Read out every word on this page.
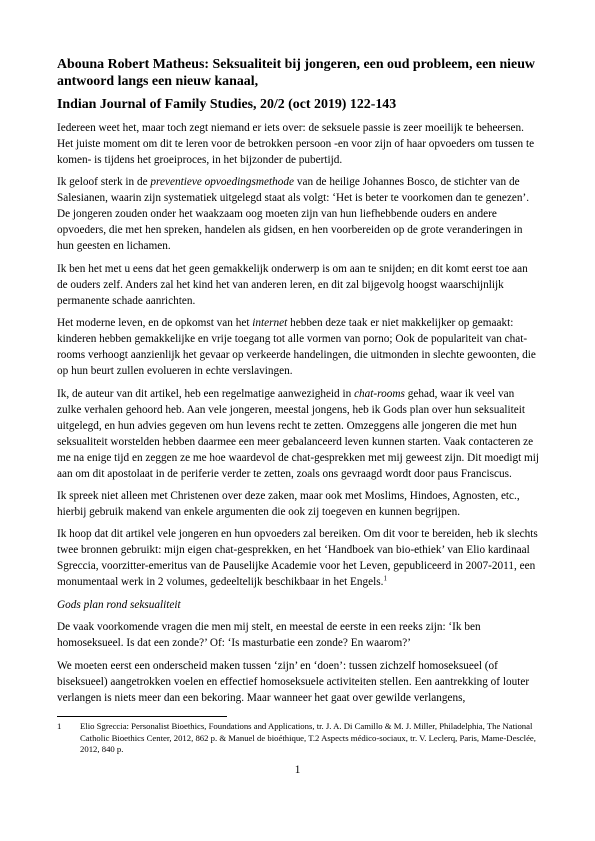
Abouna Robert Matheus: Seksualiteit bij jongeren, een oud probleem, een nieuw antwoord langs een nieuw kanaal,
Indian Journal of Family Studies, 20/2 (oct 2019) 122-143

Iedereen weet het, maar toch zegt niemand er iets over: de seksuele passie is zeer moeilijk te beheersen. Het juiste moment om dit te leren voor de betrokken persoon -en voor zijn of haar opvoeders om tussen te komen- is tijdens het groeiproces, in het bijzonder de pubertijd.

Ik geloof sterk in de preventieve opvoedingsmethode van de heilige Johannes Bosco, de stichter van de Salesianen, waarin zijn systematiek uitgelegd staat als volgt: ‘Het is beter te voorkomen dan te genezen’. De jongeren zouden onder het waakzaam oog moeten zijn van hun liefhebbende ouders en andere opvoeders, die met hen spreken, handelen als gidsen, en hen voorbereiden op de grote veranderingen in hun geesten en lichamen.

Ik ben het met u eens dat het geen gemakkelijk onderwerp is om aan te snijden; en dit komt eerst toe aan de ouders zelf. Anders zal het kind het van anderen leren, en dit zal bijgevolg hoogst waarschijnlijk permanente schade aanrichten.

Het moderne leven, en de opkomst van het internet hebben deze taak er niet makkelijker op gemaakt: kinderen hebben gemakkelijke en vrije toegang tot alle vormen van porno; Ook de populariteit van chat-rooms verhoogt aanzienlijk het gevaar op verkeerde handelingen, die uitmonden in slechte gewoonten, die op hun beurt zullen evolueren in echte verslavingen.

Ik, de auteur van dit artikel, heb een regelmatige aanwezigheid in chat-rooms gehad, waar ik veel van zulke verhalen gehoord heb. Aan vele jongeren, meestal jongens, heb ik Gods plan over hun seksualiteit uitgelegd, en hun advies gegeven om hun levens recht te zetten. Omzeggens alle jongeren die met hun seksualiteit worstelden hebben daarmee een meer gebalanceerd leven kunnen starten. Vaak contacteren ze me na enige tijd en zeggen ze me hoe waardevol de chat-gesprekken met mij geweest zijn. Dit moedigt mij aan om dit apostolaat in de periferie verder te zetten, zoals ons gevraagd wordt door paus Franciscus.

Ik spreek niet alleen met Christenen over deze zaken, maar ook met Moslims, Hindoes, Agnosten, etc., hierbij gebruik makend van enkele argumenten die ook zij toegeven en kunnen begrijpen.

Ik hoop dat dit artikel vele jongeren en hun opvoeders zal bereiken. Om dit voor te bereiden, heb ik slechts twee bronnen gebruikt: mijn eigen chat-gesprekken, en het ‘Handboek van bio-ethiek’ van Elio kardinaal Sgreccia, voorzitter-emeritus van de Pauselijke Academie voor het Leven, gepubliceerd in 2007-2011, een monumentaal werk in 2 volumes, gedeeltelijk beschikbaar in het Engels.$^1$

Gods plan rond seksualiteit

De vaak voorkomende vragen die men mij stelt, en meestal de eerste in een reeks zijn: ‘Ik ben homoseksueel. Is dat een zonde?’ Of: ‘Is masturbatie een zonde? En waarom?’

We moeten eerst een onderscheid maken tussen ‘zijn’ en ‘doen’: tussen zichzelf homoseksueel (of biseksueel) aangetrokken voelen en effectief homoseksuele activiteiten stellen. Een aantrekking of louter verlangen is niets meer dan een bekoring. Maar wanneer het gaat over gewilde verlangens,

1 Elio Sgreccia: Personalist Bioethics, Foundations and Applications, tr. J. A. Di Camillo & M. J. Miller, Philadelphia, The National Catholic Bioethics Center, 2012, 862 p. & Manuel de bioéthique, T.2 Aspects médico-sociaux, tr. V. Leclerq, Paris, Mame-Desclée, 2012, 840 p.
1
